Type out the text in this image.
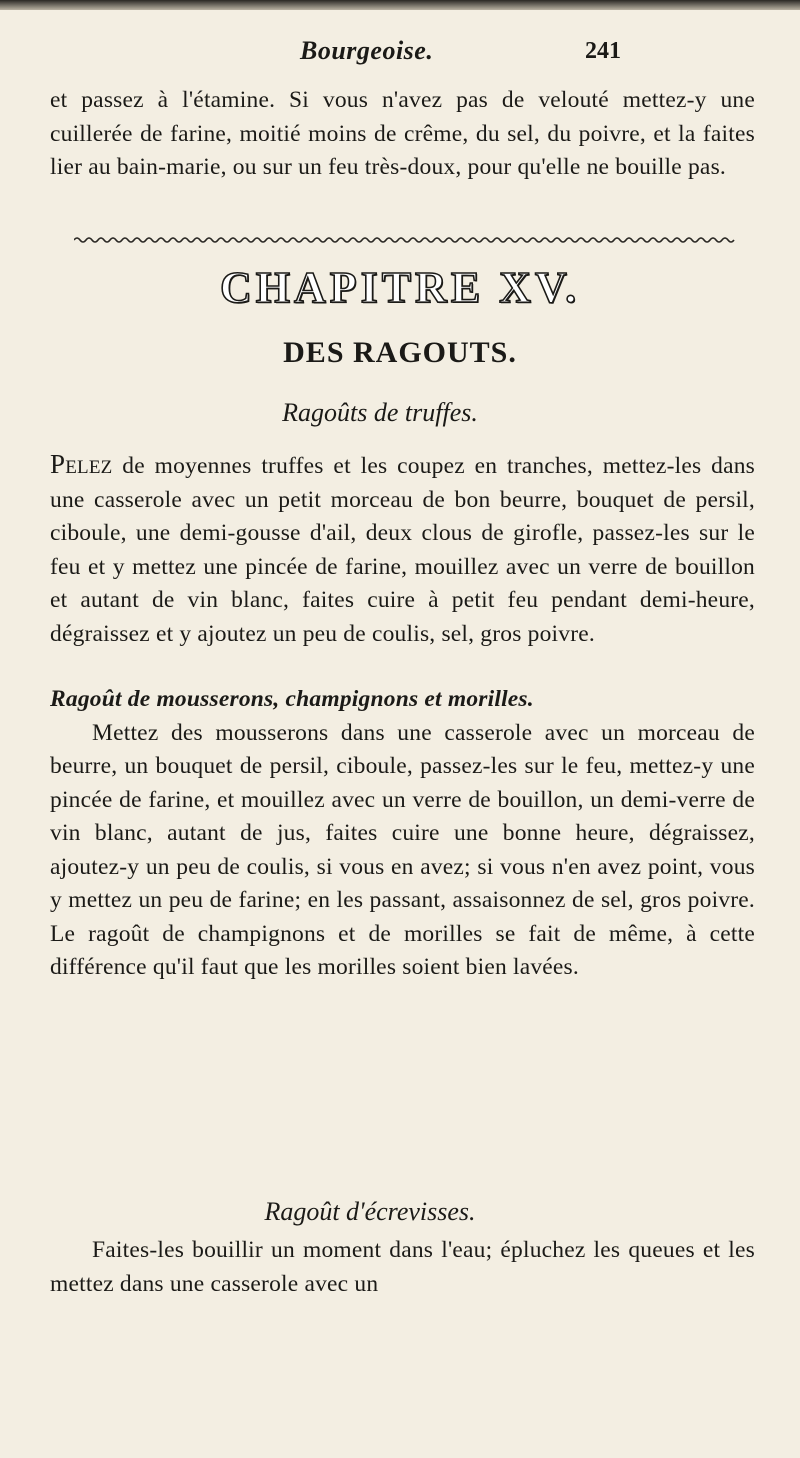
Bourgeoise.	241

et passez à l'étamine. Si vous n'avez pas de velouté mettez-y une cuillerée de farine, moitié moins de crême, du sel, du poivre, et la faites lier au bain-marie, ou sur un feu très-doux, pour qu'elle ne bouille pas.

CHAPITRE XV.
DES RAGOUTS.
Ragoûts de truffes.

Pelez de moyennes truffes et les coupez en tranches, mettez-les dans une casserole avec un petit morceau de bon beurre, bouquet de persil, ciboule, une demi-gousse d'ail, deux clous de girofle, passez-les sur le feu et y mettez une pincée de farine, mouillez avec un verre de bouillon et autant de vin blanc, faites cuire à petit feu pendant demi-heure, dégraissez et y ajoutez un peu de coulis, sel, gros poivre.

Ragoût de mousserons, champignons et morilles.

Mettez des mousserons dans une casserole avec un morceau de beurre, un bouquet de persil, ciboule, passez-les sur le feu, mettez-y une pincée de farine, et mouillez avec un verre de bouillon, un demi-verre de vin blanc, autant de jus, faites cuire une bonne heure, dégraissez, ajoutez-y un peu de coulis, si vous en avez; si vous n'en avez point, vous y mettez un peu de farine; en les passant, assaisonnez de sel, gros poivre. Le ragoût de champignons et de morilles se fait de même, à cette différence qu'il faut que les morilles soient bien lavées.

Ragoût d'écrevisses.

Faites-les bouillir un moment dans l'eau; épluchez les queues et les mettez dans une casserole avec un
